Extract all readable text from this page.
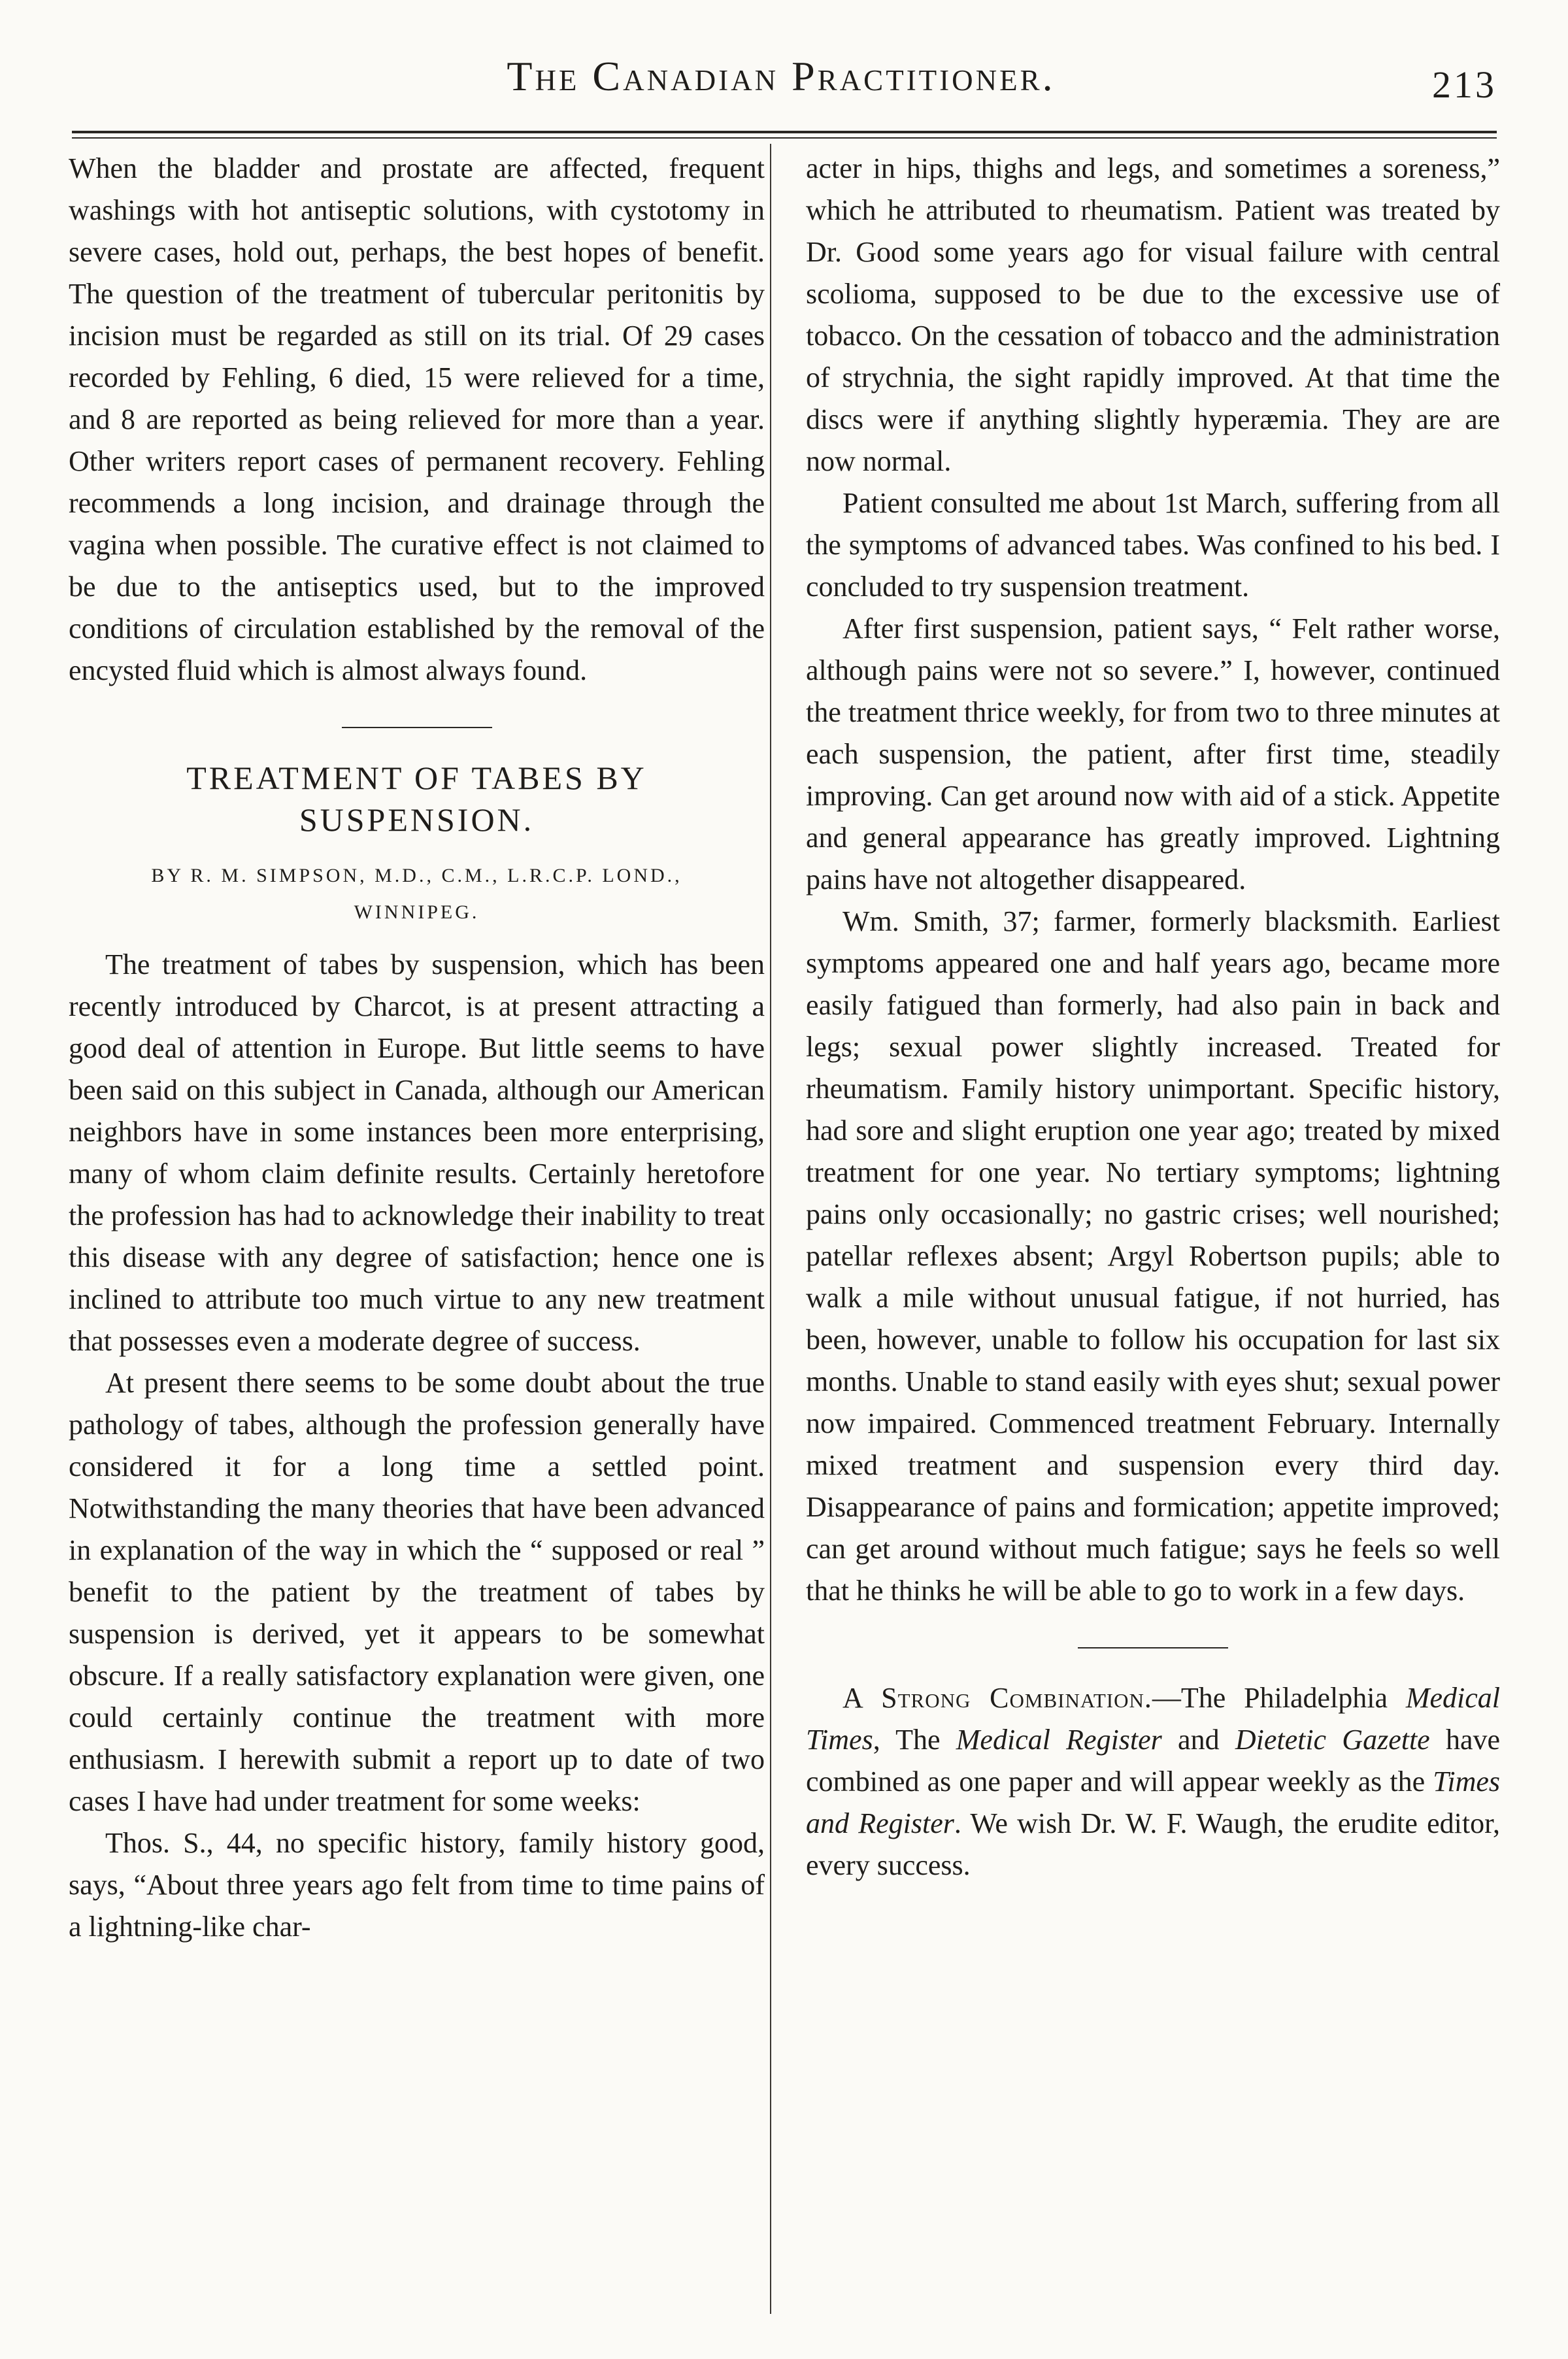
The Canadian Practitioner.	213

When the bladder and prostate are affected, frequent washings with hot antiseptic solutions, with cystotomy in severe cases, hold out, perhaps, the best hopes of benefit. The question of the treatment of tubercular peritonitis by incision must be regarded as still on its trial. Of 29 cases recorded by Fehling, 6 died, 15 were relieved for a time, and 8 are reported as being relieved for more than a year. Other writers report cases of permanent recovery. Fehling recommends a long incision, and drainage through the vagina when possible. The curative effect is not claimed to be due to the antiseptics used, but to the improved conditions of circulation established by the removal of the encysted fluid which is almost always found.

TREATMENT OF TABES BY SUSPENSION.
BY R. M. SIMPSON, M.D., C.M., L.R.C.P. LOND.,
WINNIPEG.

The treatment of tabes by suspension, which has been recently introduced by Charcot, is at present attracting a good deal of attention in Europe. But little seems to have been said on this subject in Canada, although our American neighbors have in some instances been more enterprising, many of whom claim definite results. Certainly heretofore the profession has had to acknowledge their inability to treat this disease with any degree of satisfaction; hence one is inclined to attribute too much virtue to any new treatment that possesses even a moderate degree of success.

At present there seems to be some doubt about the true pathology of tabes, although the profession generally have considered it for a long time a settled point. Notwithstanding the many theories that have been advanced in explanation of the way in which the “ supposed or real ” benefit to the patient by the treatment of tabes by suspension is derived, yet it appears to be somewhat obscure. If a really satisfactory explanation were given, one could certainly continue the treatment with more enthusiasm. I herewith submit a report up to date of two cases I have had under treatment for some weeks:

Thos. S., 44, no specific history, family history good, says, “About three years ago felt from time to time pains of a lightning-like char-

acter in hips, thighs and legs, and sometimes a soreness,” which he attributed to rheumatism. Patient was treated by Dr. Good some years ago for visual failure with central scolioma, supposed to be due to the excessive use of tobacco. On the cessation of tobacco and the administration of strychnia, the sight rapidly improved. At that time the discs were if anything slightly hyperæmia. They are are now normal.

Patient consulted me about 1st March, suffering from all the symptoms of advanced tabes. Was confined to his bed. I concluded to try suspension treatment.

After first suspension, patient says, “ Felt rather worse, although pains were not so severe.” I, however, continued the treatment thrice weekly, for from two to three minutes at each suspension, the patient, after first time, steadily improving. Can get around now with aid of a stick. Appetite and general appearance has greatly improved. Lightning pains have not altogether disappeared.

Wm. Smith, 37; farmer, formerly blacksmith. Earliest symptoms appeared one and half years ago, became more easily fatigued than formerly, had also pain in back and legs; sexual power slightly increased. Treated for rheumatism. Family history unimportant. Specific history, had sore and slight eruption one year ago; treated by mixed treatment for one year. No tertiary symptoms; lightning pains only occasionally; no gastric crises; well nourished; patellar reflexes absent; Argyl Robertson pupils; able to walk a mile without unusual fatigue, if not hurried, has been, however, unable to follow his occupation for last six months. Unable to stand easily with eyes shut; sexual power now impaired. Commenced treatment February. Internally mixed treatment and suspension every third day. Disappearance of pains and formication; appetite improved; can get around without much fatigue; says he feels so well that he thinks he will be able to go to work in a few days.

A Strong Combination.—The Philadelphia Medical Times, The Medical Register and Dietetic Gazette have combined as one paper and will appear weekly as the Times and Register. We wish Dr. W. F. Waugh, the erudite editor, every success.
